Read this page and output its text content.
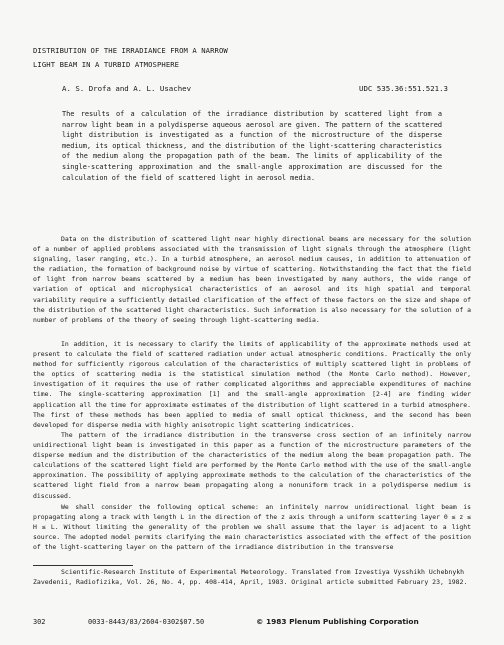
DISTRIBUTION OF THE IRRADIANCE FROM A NARROW
LIGHT BEAM IN A TURBID ATMOSPHERE
A. S. Drofa and A. L. Usachev	UDC 535.36:551.521.3

The results of a calculation of the irradiance distribution by scattered light from a narrow light beam in a polydisperse aqueous aerosol are given. The pattern of the scattered light distribution is investigated as a function of the microstructure of the disperse medium, its optical thickness, and the distribution of the light-scattering characteristics of the medium along the propagation path of the beam. The limits of applicability of the single-scattering approximation and the small-angle approximation are discussed for the calculation of the field of scattered light in aerosol media.

Data on the distribution of scattered light near highly directional beams are necessary for the solution of a number of applied problems associated with the transmission of light signals through the atmosphere (light signaling, laser ranging, etc.). In a turbid atmosphere, an aerosol medium causes, in addition to attenuation of the radiation, the formation of background noise by virtue of scattering. Notwithstanding the fact that the field of light from narrow beams scattered by a medium has been investigated by many authors, the wide range of variation of optical and microphysical characteristics of an aerosol and its high spatial and temporal variability require a sufficiently detailed clarification of the effect of these factors on the size and shape of the distribution of the scattered light characteristics. Such information is also necessary for the solution of a number of problems of the theory of seeing through light-scattering media.

In addition, it is necessary to clarify the limits of applicability of the approximate methods used at present to calculate the field of scattered radiation under actual atmospheric conditions. Practically the only method for sufficiently rigorous calculation of the characteristics of multiply scattered light in problems of the optics of scattering media is the statistical simulation method (the Monte Carlo method). However, investigation of it requires the use of rather complicated algorithms and appreciable expenditures of machine time. The single-scattering approximation [1] and the small-angle approximation [2-4] are finding wider application all the time for approximate estimates of the distribution of light scattered in a turbid atmosphere. The first of these methods has been applied to media of small optical thickness, and the second has been developed for disperse media with highly anisotropic light scattering indicatrices.

The pattern of the irradiance distribution in the transverse cross section of an infinitely narrow unidirectional light beam is investigated in this paper as a function of the microstructure parameters of the disperse medium and the distribution of the characteristics of the medium along the beam propagation path. The calculations of the scattered light field are performed by the Monte Carlo method with the use of the small-angle approximation. The possibility of applying approximate methods to the calculation of the characteristics of the scattered light field from a narrow beam propagating along a nonuniform track in a polydisperse medium is discussed.

We shall consider the following optical scheme: an infinitely narrow unidirectional light beam is propagating along a track with length L in the direction of the z axis through a uniform scattering layer 0 ≤ z ≤ H ≤ L. Without limiting the generality of the problem we shall assume that the layer is adjacent to a light source. The adopted model permits clarifying the main characteristics associated with the effect of the position of the light-scattering layer on the pattern of the irradiance distribution in the transverse

Scientific-Research Institute of Experimental Meteorology. Translated from Izvestiya Vysshikh Uchebnykh Zavedenii, Radiofizika, Vol. 26, No. 4, pp. 408-414, April, 1983. Original article submitted February 23, 1982.

302	0033-8443/83/2604-0302$07.50	© 1983 Plenum Publishing Corporation
